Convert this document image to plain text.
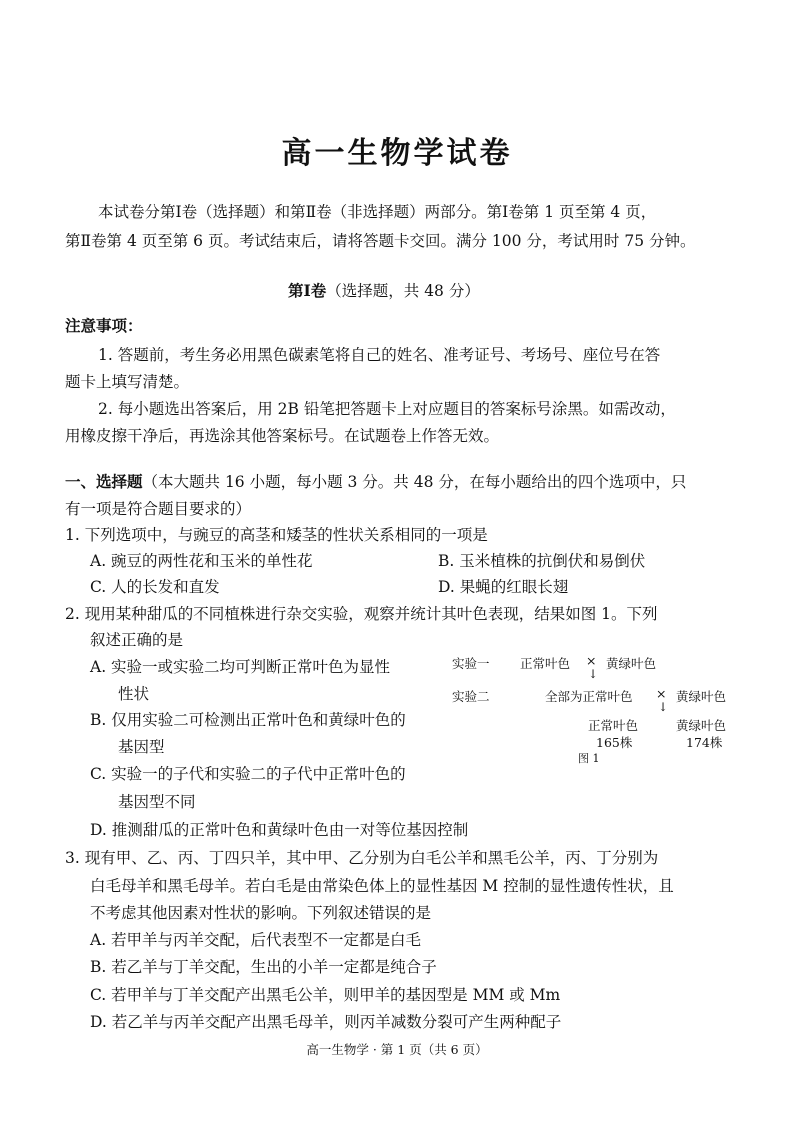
高一生物学试卷
本试卷分第Ⅰ卷（选择题）和第Ⅱ卷（非选择题）两部分。第Ⅰ卷第 1 页至第 4 页，
第Ⅱ卷第 4 页至第 6 页。考试结束后，请将答题卡交回。满分 100 分，考试用时 75 分钟。
第Ⅰ卷（选择题，共 48 分）
注意事项：
1. 答题前，考生务必用黑色碳素笔将自己的姓名、准考证号、考场号、座位号在答
题卡上填写清楚。
2. 每小题选出答案后，用 2B 铅笔把答题卡上对应题目的答案标号涂黑。如需改动，
用橡皮擦干净后，再选涂其他答案标号。在试题卷上作答无效。
一、选择题（本大题共 16 小题，每小题 3 分。共 48 分，在每小题给出的四个选项中，只
有一项是符合题目要求的）
1. 下列选项中，与豌豆的高茎和矮茎的性状关系相同的一项是
A. 豌豆的两性花和玉米的单性花	B. 玉米植株的抗倒伏和易倒伏
C. 人的长发和直发	D. 果蝇的红眼长翅
2. 现用某种甜瓜的不同植株进行杂交实验，观察并统计其叶色表现，结果如图 1。下列
叙述正确的是
A. 实验一或实验二均可判断正常叶色为显性
性状
B. 仅用实验二可检测出正常叶色和黄绿叶色的
基因型
C. 实验一的子代和实验二的子代中正常叶色的
基因型不同
D. 推测甜瓜的正常叶色和黄绿叶色由一对等位基因控制
实验一 正常叶色 × 黄绿叶色
↓
实验二	全部为正常叶色 × 黄绿叶色
↓
正常叶色
165株
黄绿叶色
174株
图 1
3. 现有甲、乙、丙、丁四只羊，其中甲、乙分别为白毛公羊和黑毛公羊，丙、丁分别为
白毛母羊和黑毛母羊。若白毛是由常染色体上的显性基因 M 控制的显性遗传性状，且
不考虑其他因素对性状的影响。下列叙述错误的是
A. 若甲羊与丙羊交配，后代表型不一定都是白毛
B. 若乙羊与丁羊交配，生出的小羊一定都是纯合子
C. 若甲羊与丁羊交配产出黑毛公羊，则甲羊的基因型是 MM 或 Mm
D. 若乙羊与丙羊交配产出黑毛母羊，则丙羊减数分裂可产生两种配子
高一生物学 · 第 1 页（共 6 页）
